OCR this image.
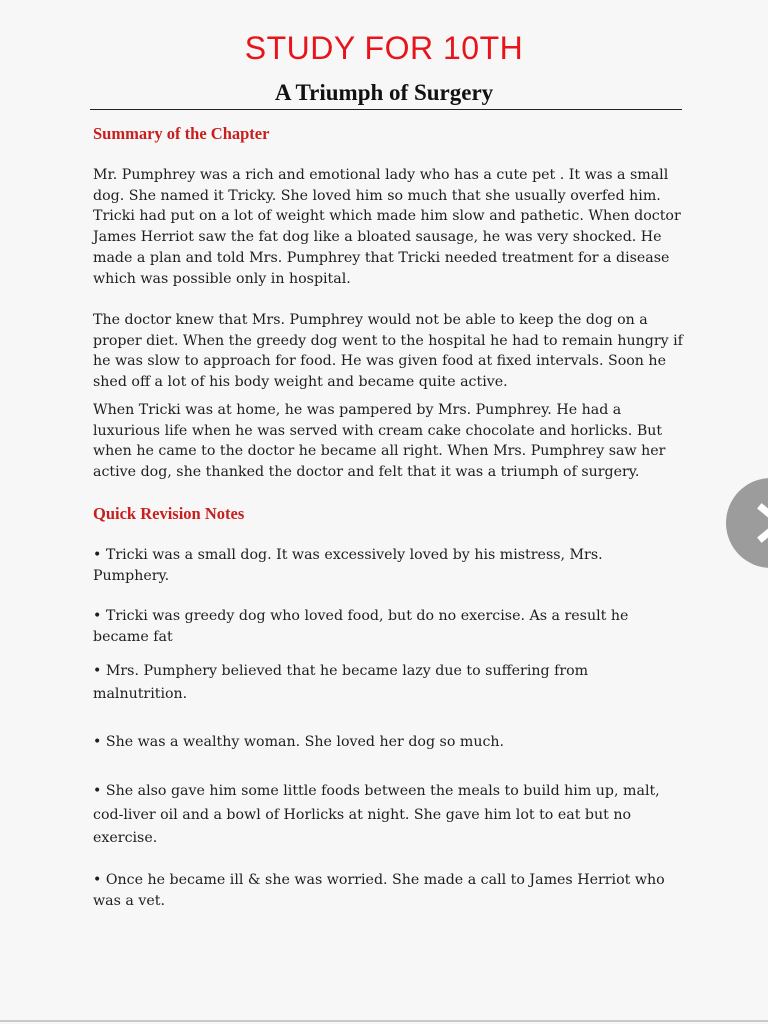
STUDY FOR 10TH
A Triumph of Surgery
Summary of the Chapter

Mr. Pumphrey was a rich and emotional lady who has a cute pet . It was a small dog. She named it Tricky. She loved him so much that she usually overfed him. Tricki had put on a lot of weight which made him slow and pathetic. When doctor James Herriot saw the fat dog like a bloated sausage, he was very shocked. He made a plan and told Mrs. Pumphrey that Tricki needed treatment for a disease which was possible only in hospital.

The doctor knew that Mrs. Pumphrey would not be able to keep the dog on a proper diet. When the greedy dog went to the hospital he had to remain hungry if he was slow to approach for food. He was given food at fixed intervals. Soon he shed off a lot of his body weight and became quite active.

When Tricki was at home, he was pampered by Mrs. Pumphrey. He had a luxurious life when he was served with cream cake chocolate and horlicks. But when he came to the doctor he became all right. When Mrs. Pumphrey saw her active dog, she thanked the doctor and felt that it was a triumph of surgery.

Quick Revision Notes

• Tricki was a small dog. It was excessively loved by his mistress, Mrs. Pumphery.

• Tricki was greedy dog who loved food, but do no exercise. As a result he became fat

• Mrs. Pumphery believed that he became lazy due to suffering from malnutrition.

• She was a wealthy woman. She loved her dog so much.

• She also gave him some little foods between the meals to build him up, malt, cod-liver oil and a bowl of Horlicks at night. She gave him lot to eat but no exercise.

• Once he became ill & she was worried. She made a call to James Herriot who was a vet.
